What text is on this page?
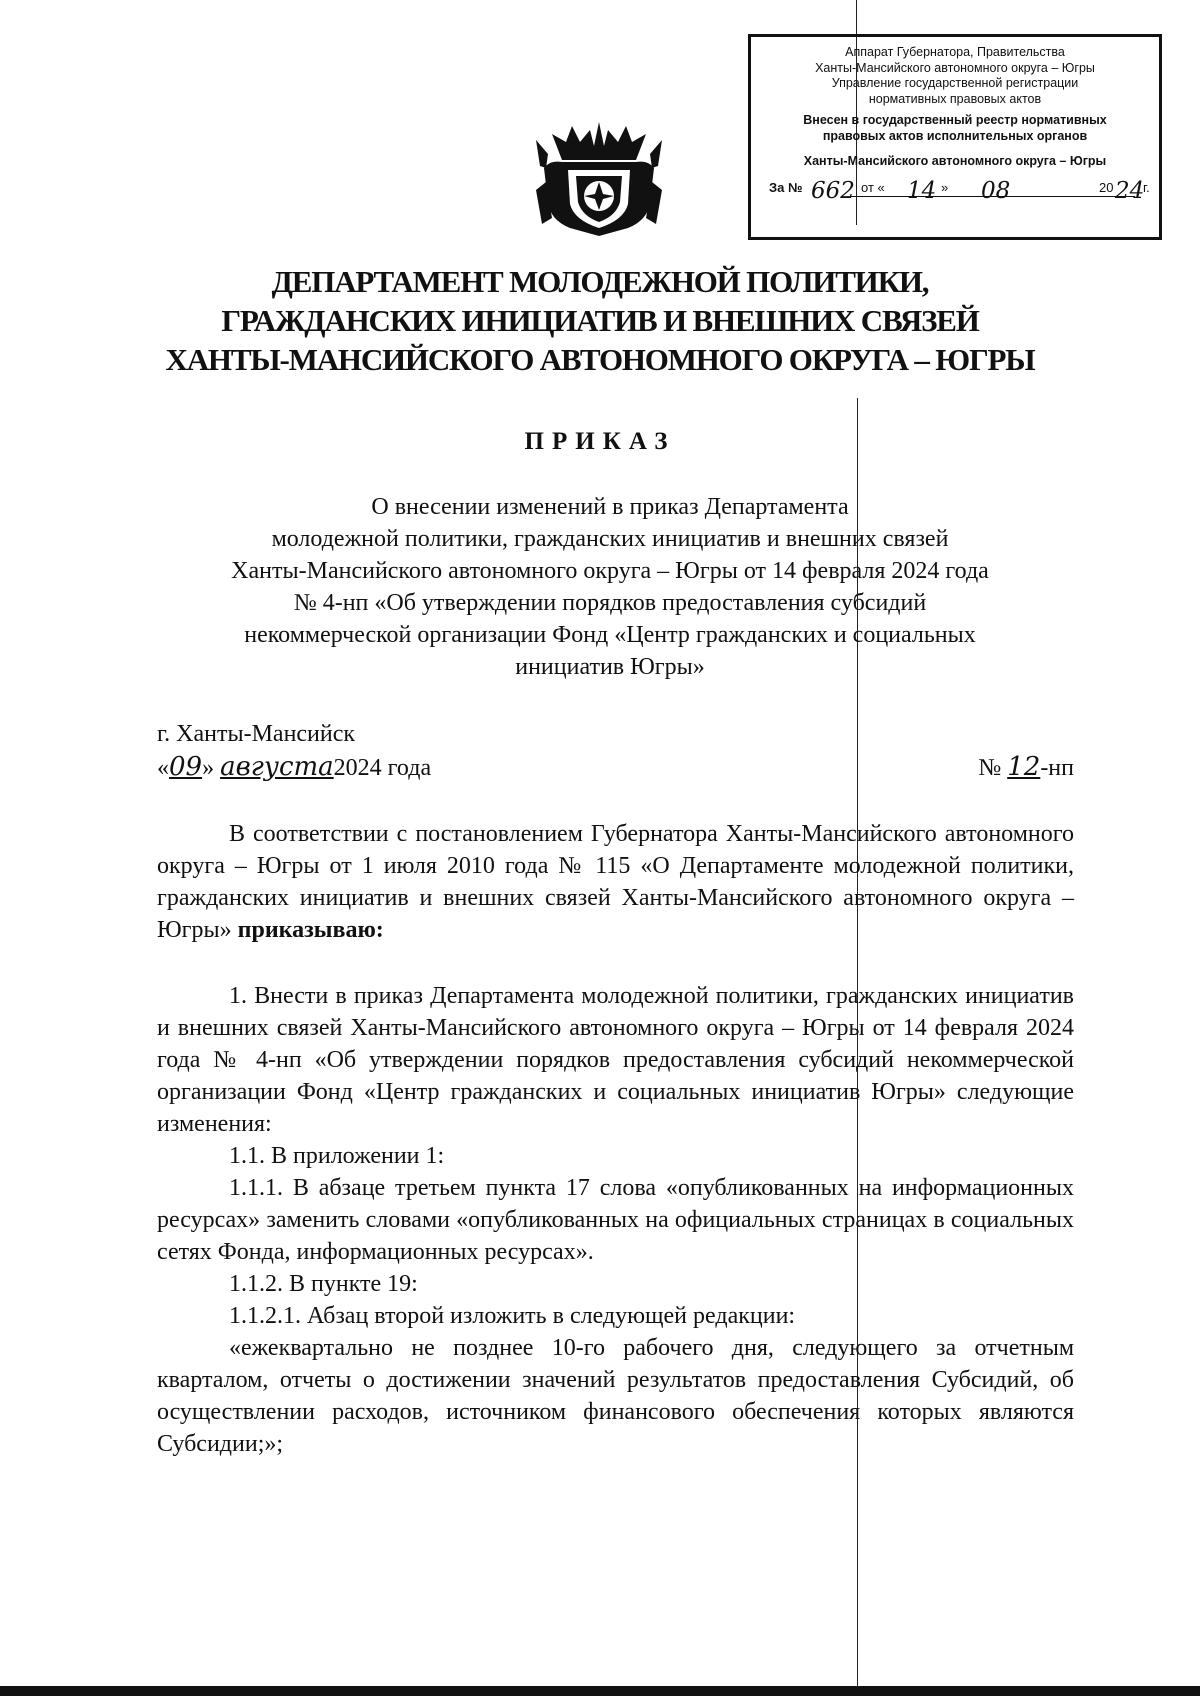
Аппарат Губернатора, Правительства
Ханты-Мансийского автономного округа – Югры
Управление государственной регистрации
нормативных правовых актов
Внесен в государственный реестр нормативных
правовых актов исполнительных органов
Ханты-Мансийского автономного округа – Югры
За № 662 от « 14 » 08	20 24
г.
ДЕПАРТАМЕНТ МОЛОДЕЖНОЙ ПОЛИТИКИ,
ГРАЖДАНСКИХ ИНИЦИАТИВ И ВНЕШНИХ СВЯЗЕЙ
ХАНТЫ-МАНСИЙСКОГО АВТОНОМНОГО ОКРУГА – ЮГРЫ
ПРИКАЗ
О внесении изменений в приказ Департамента
молодежной политики, гражданских инициатив и внешних связей
Ханты-Мансийского автономного округа – Югры от 14 февраля 2024 года
№ 4-нп «Об утверждении порядков предоставления субсидий
некоммерческой организации Фонд «Центр гражданских и социальных
инициатив Югры»
г. Ханты-Мансийск
«09» августа2024 года	№ 12-нп

В соответствии с постановлением Губернатора Ханты-Мансийского автономного округа – Югры от 1 июля 2010 года № 115 «О Департаменте молодежной политики, гражданских инициатив и внешних связей Ханты-Мансийского автономного округа – Югры» приказываю:

1. Внести в приказ Департамента молодежной политики, гражданских инициатив и внешних связей Ханты-Мансийского автономного округа – Югры от 14 февраля 2024 года № 4-нп «Об утверждении порядков предоставления субсидий некоммерческой организации Фонд «Центр гражданских и социальных инициатив Югры» следующие изменения:

1.1. В приложении 1:

1.1.1. В абзаце третьем пункта 17 слова «опубликованных на информационных ресурсах» заменить словами «опубликованных на официальных страницах в социальных сетях Фонда, информационных ресурсах».

1.1.2. В пункте 19:

1.1.2.1. Абзац второй изложить в следующей редакции:

«ежеквартально не позднее 10-го рабочего дня, следующего за отчетным кварталом, отчеты о достижении значений результатов предоставления Субсидий, об осуществлении расходов, источником финансового обеспечения которых являются Субсидии;»;
